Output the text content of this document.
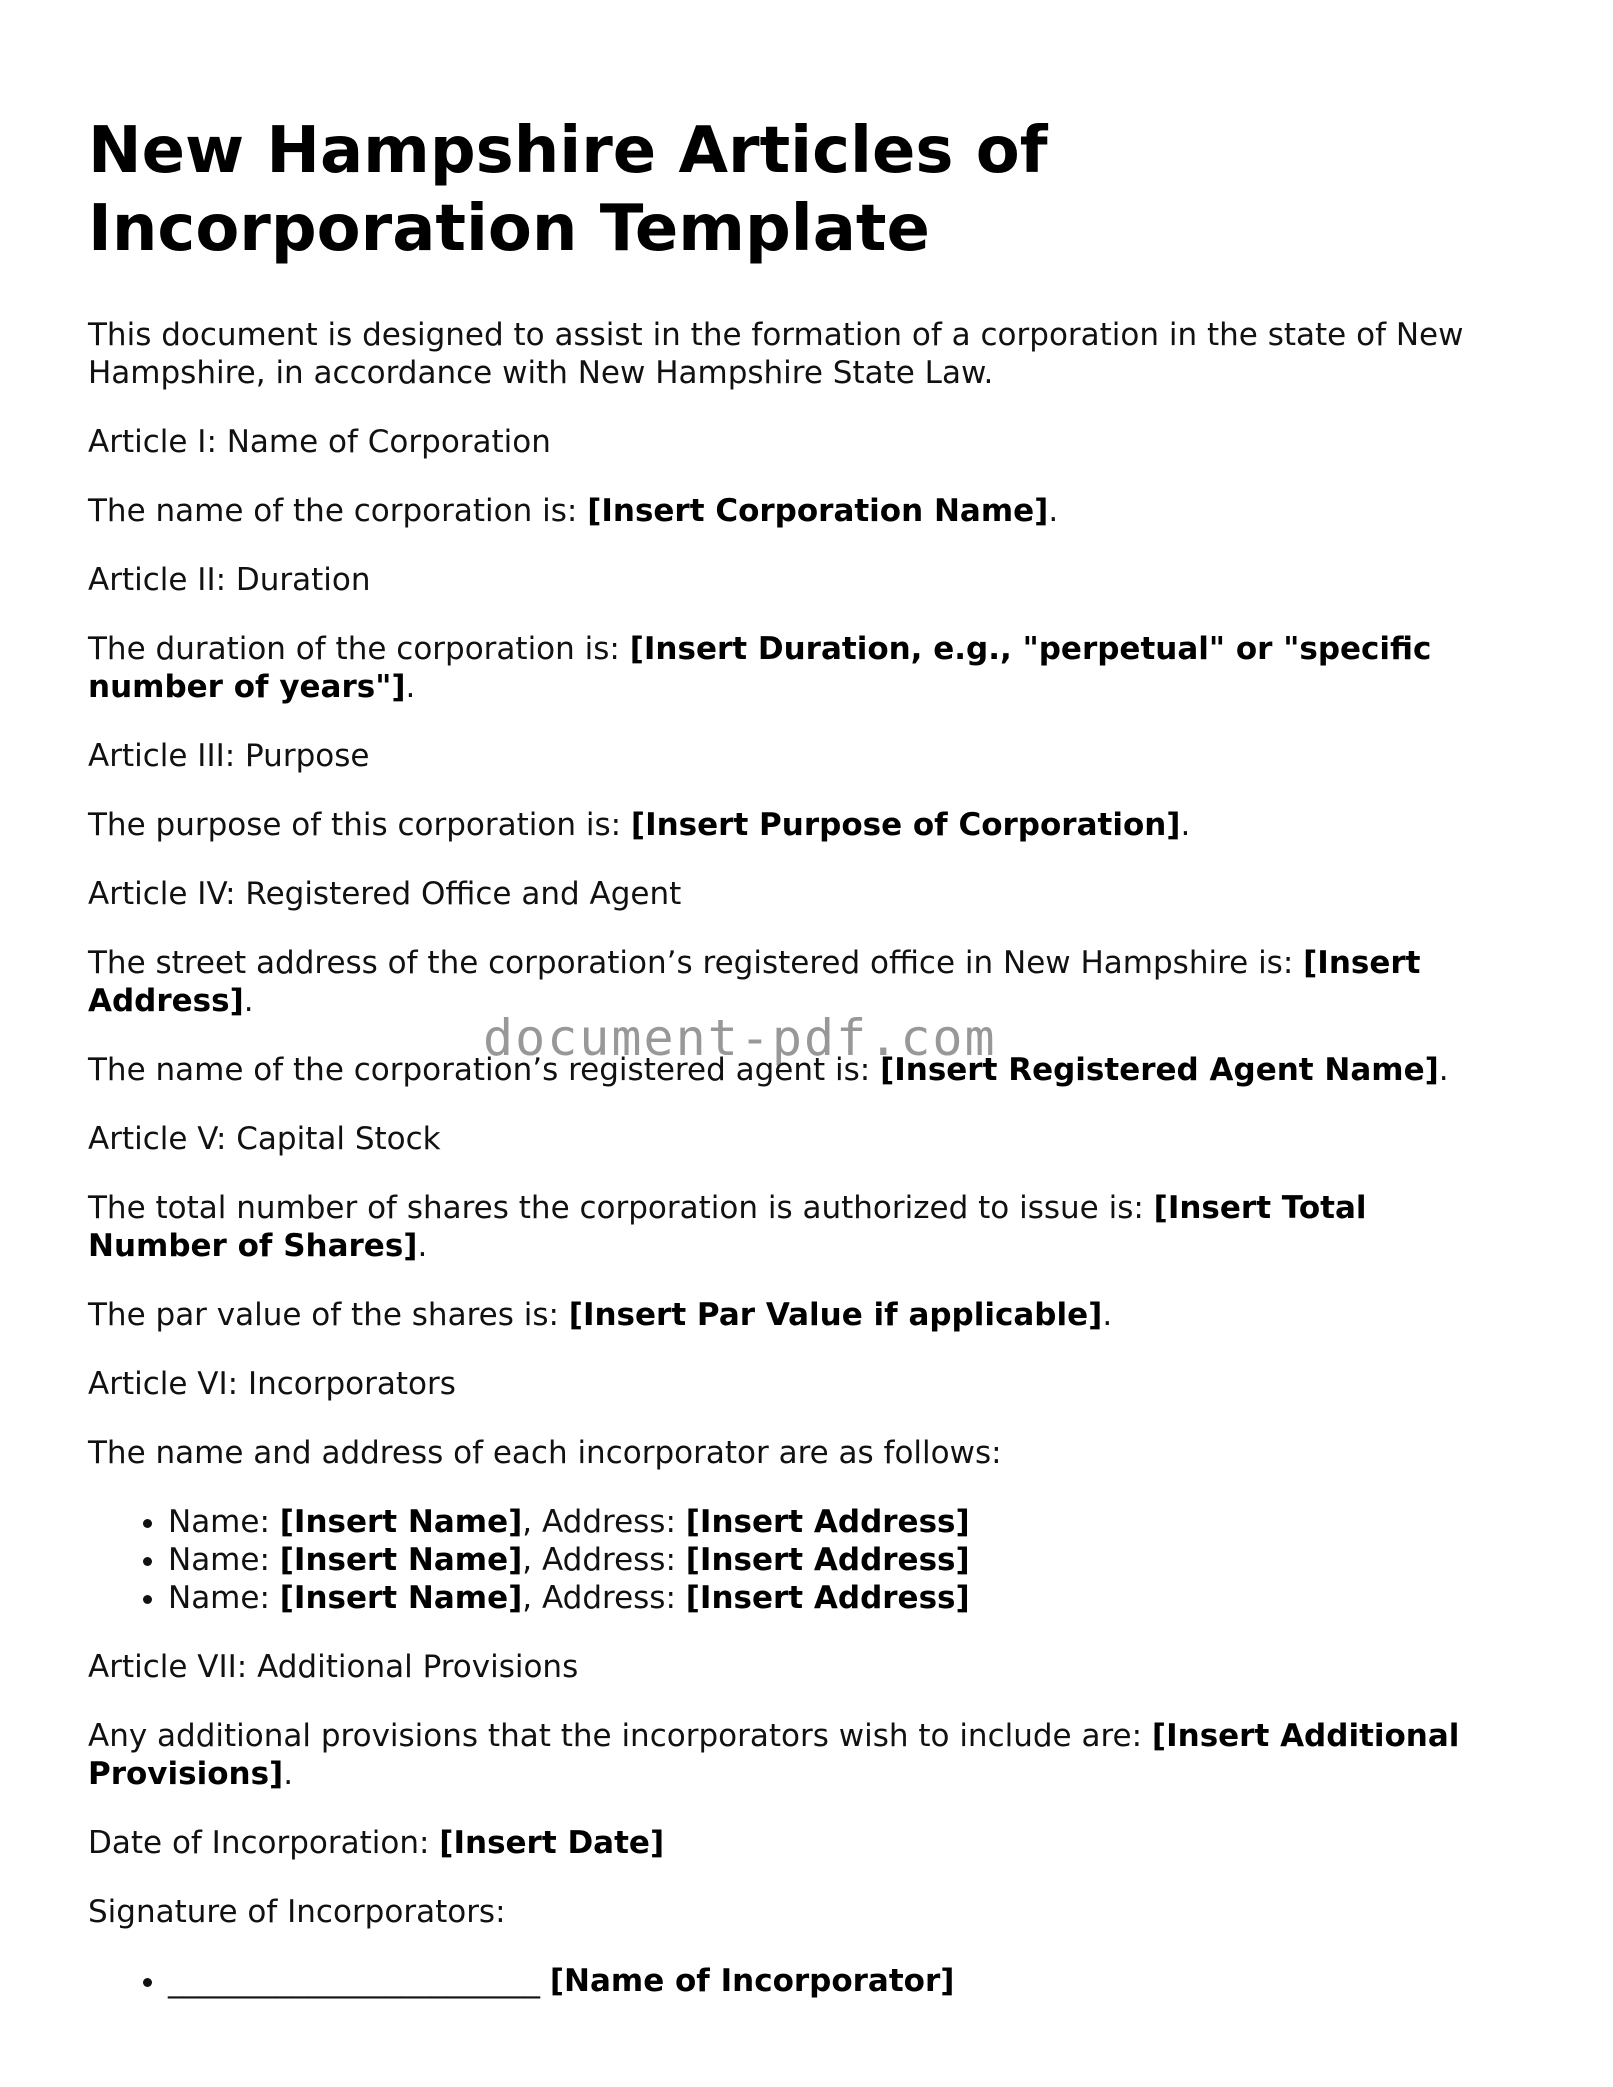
New Hampshire Articles of Incorporation Template

This document is designed to assist in the formation of a corporation in the state of New Hampshire, in accordance with New Hampshire State Law.

Article I: Name of Corporation

The name of the corporation is: [Insert Corporation Name].

Article II: Duration

The duration of the corporation is: [Insert Duration, e.g., "perpetual" or "specific number of years"].

Article III: Purpose

The purpose of this corporation is: [Insert Purpose of Corporation].

Article IV: Registered Office and Agent

The street address of the corporation’s registered office in New Hampshire is: [Insert Address].

The name of the corporation’s registered agent is: [Insert Registered Agent Name].

Article V: Capital Stock

The total number of shares the corporation is authorized to issue is: [Insert Total Number of Shares].

The par value of the shares is: [Insert Par Value if applicable].

Article VI: Incorporators

The name and address of each incorporator are as follows:

• Name: [Insert Name], Address: [Insert Address]
• Name: [Insert Name], Address: [Insert Address]
• Name: [Insert Name], Address: [Insert Address]

Article VII: Additional Provisions

Any additional provisions that the incorporators wish to include are: [Insert Additional Provisions].

Date of Incorporation: [Insert Date]

Signature of Incorporators:

• ________________________ [Name of Incorporator]
document-pdf.com
